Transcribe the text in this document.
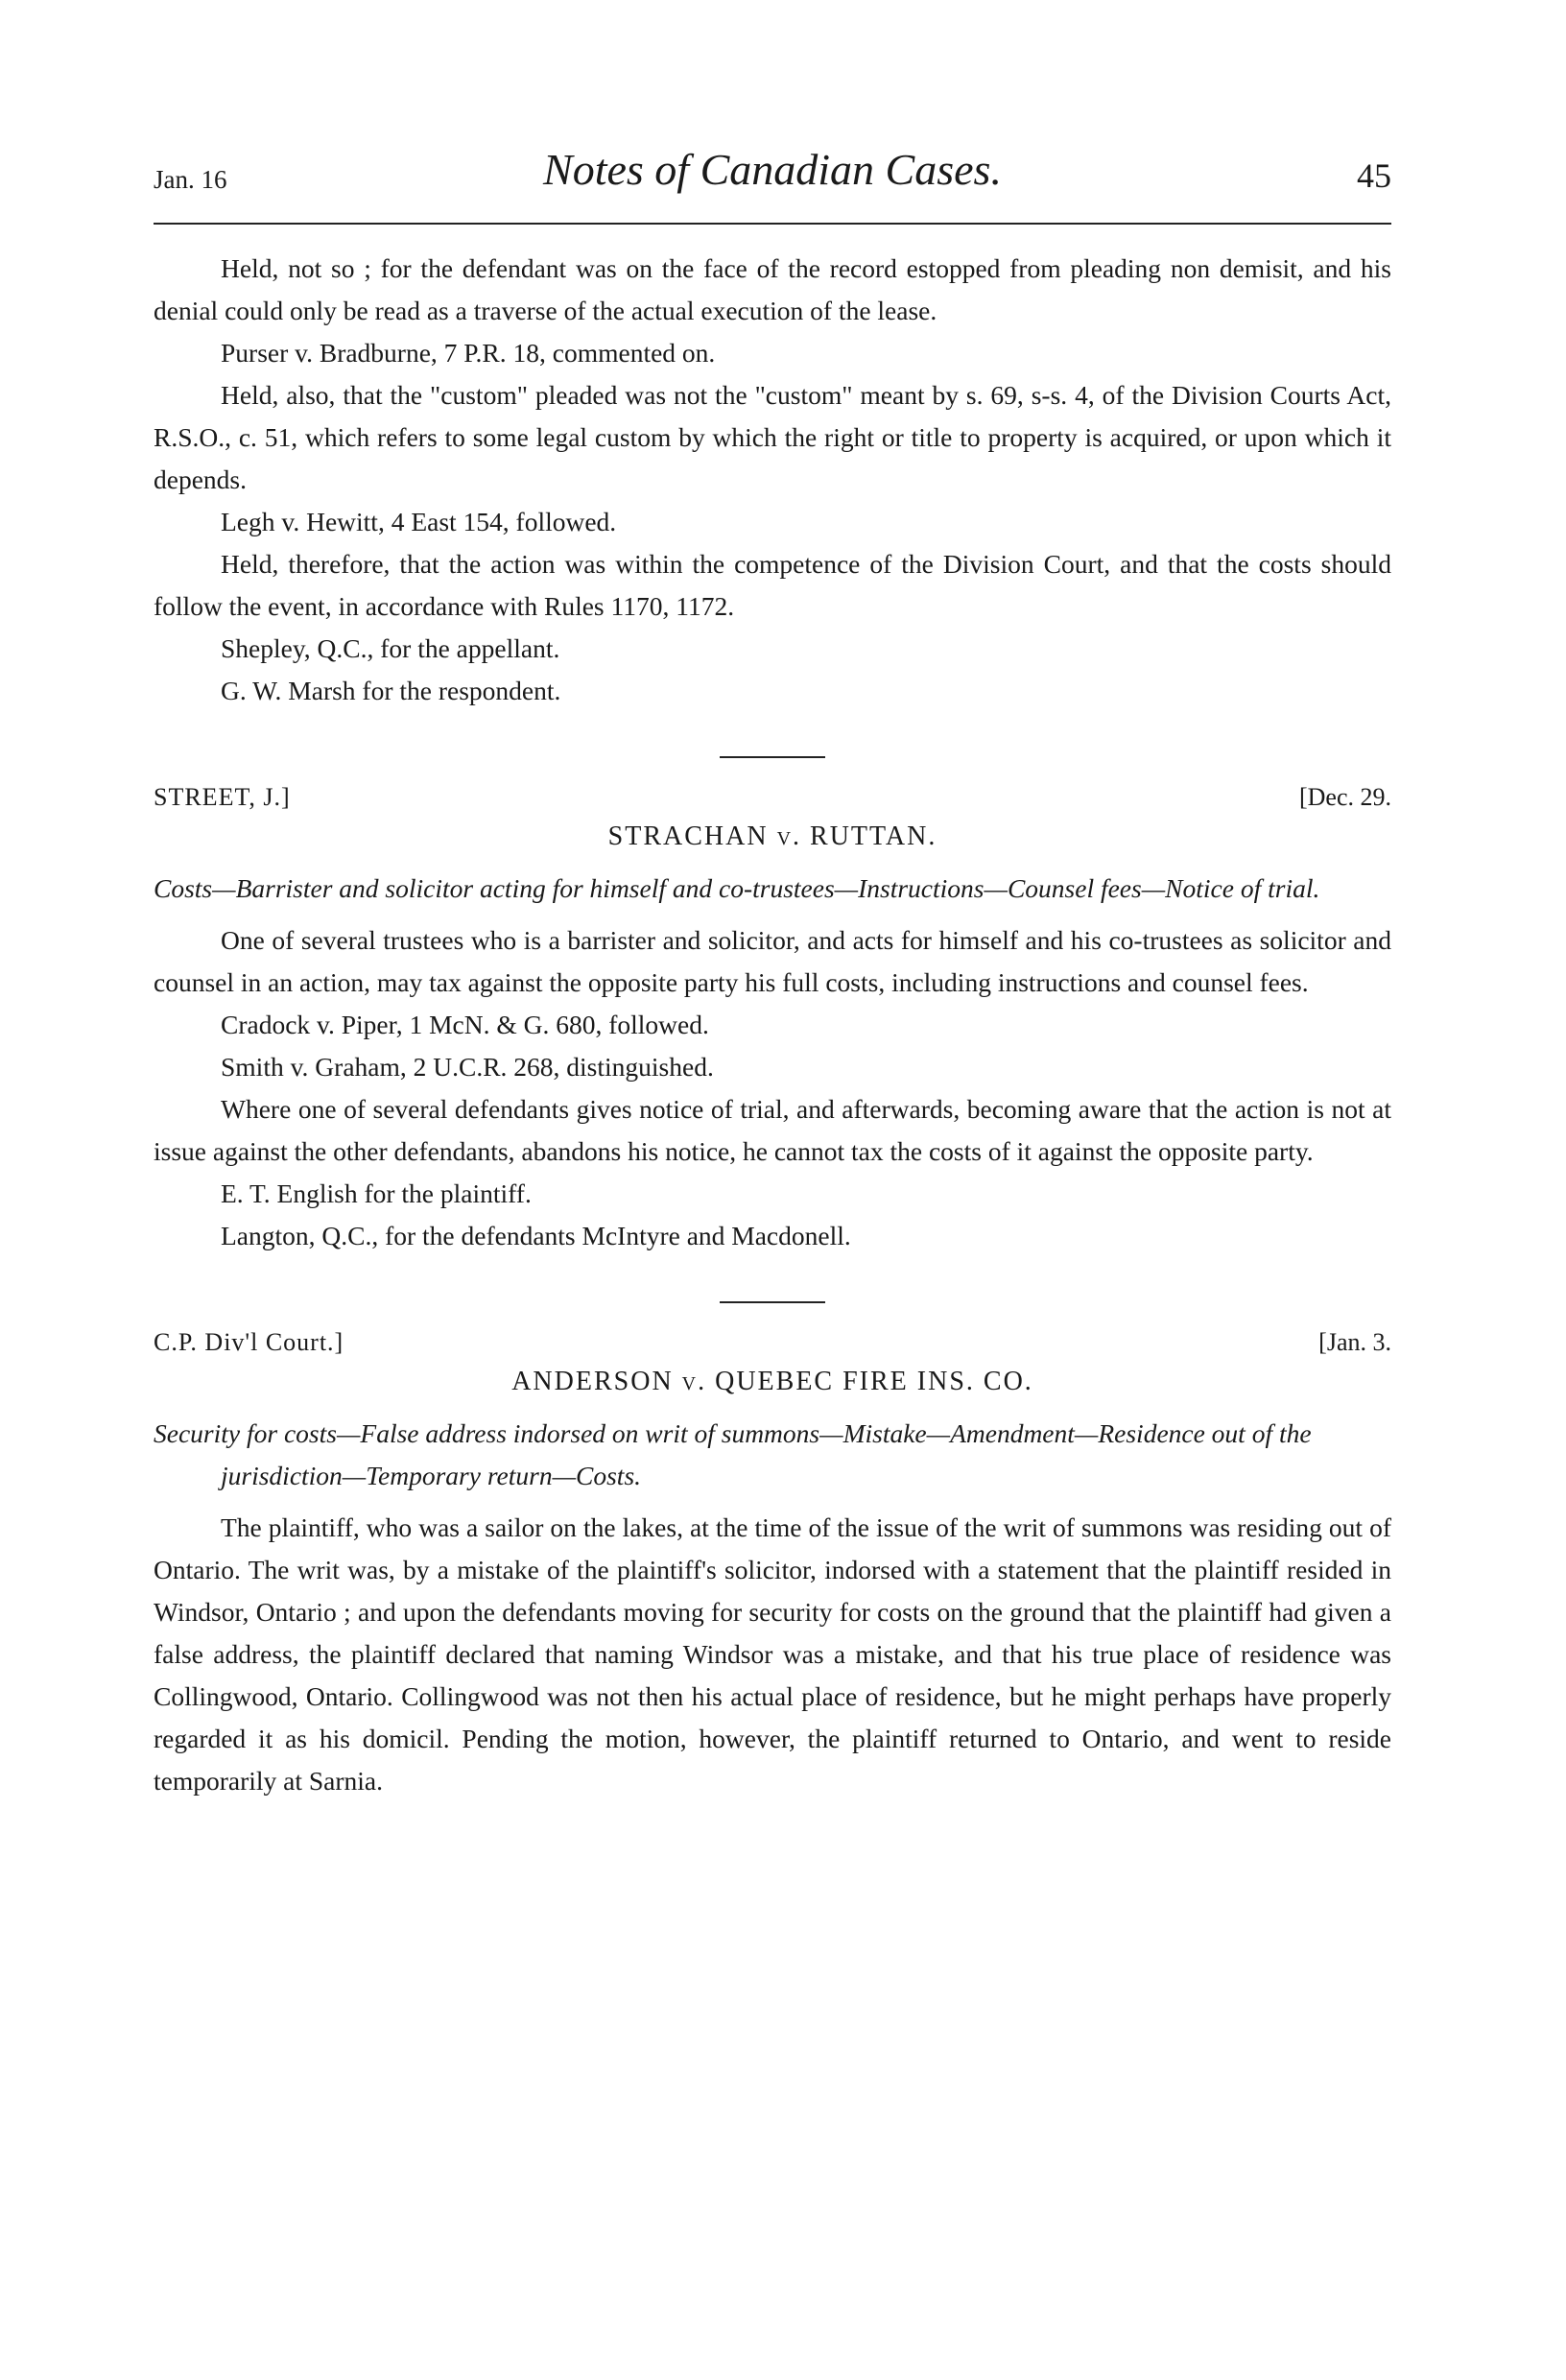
Jan. 16	Notes of Canadian Cases.	45

Held, not so ; for the defendant was on the face of the record estopped from pleading non demisit, and his denial could only be read as a traverse of the actual execution of the lease.

Purser v. Bradburne, 7 P.R. 18, commented on.

Held, also, that the "custom" pleaded was not the "custom" meant by s. 69, s-s. 4, of the Division Courts Act, R.S.O., c. 51, which refers to some legal custom by which the right or title to property is acquired, or upon which it depends.

Legh v. Hewitt, 4 East 154, followed.

Held, therefore, that the action was within the competence of the Division Court, and that the costs should follow the event, in accordance with Rules 1170, 1172.

Shepley, Q.C., for the appellant.

G. W. Marsh for the respondent.

STREET, J.]	[Dec. 29.
STRACHAN v. RUTTAN.
Costs—Barrister and solicitor acting for himself and co-trustees—Instructions—Counsel fees—Notice of trial.

One of several trustees who is a barrister and solicitor, and acts for himself and his co-trustees as solicitor and counsel in an action, may tax against the opposite party his full costs, including instructions and counsel fees.

Cradock v. Piper, 1 McN. & G. 680, followed.

Smith v. Graham, 2 U.C.R. 268, distinguished.

Where one of several defendants gives notice of trial, and afterwards, becoming aware that the action is not at issue against the other defendants, abandons his notice, he cannot tax the costs of it against the opposite party.

E. T. English for the plaintiff.

Langton, Q.C., for the defendants McIntyre and Macdonell.

C.P. Div'l Court.]	[Jan. 3.
ANDERSON v. QUEBEC FIRE INS. CO.
Security for costs—False address indorsed on writ of summons—Mistake—Amendment—Residence out of the jurisdiction—Temporary return—Costs.

The plaintiff, who was a sailor on the lakes, at the time of the issue of the writ of summons was residing out of Ontario. The writ was, by a mistake of the plaintiff's solicitor, indorsed with a statement that the plaintiff resided in Windsor, Ontario ; and upon the defendants moving for security for costs on the ground that the plaintiff had given a false address, the plaintiff declared that naming Windsor was a mistake, and that his true place of residence was Collingwood, Ontario. Collingwood was not then his actual place of residence, but he might perhaps have properly regarded it as his domicil. Pending the motion, however, the plaintiff returned to Ontario, and went to reside temporarily at Sarnia.
